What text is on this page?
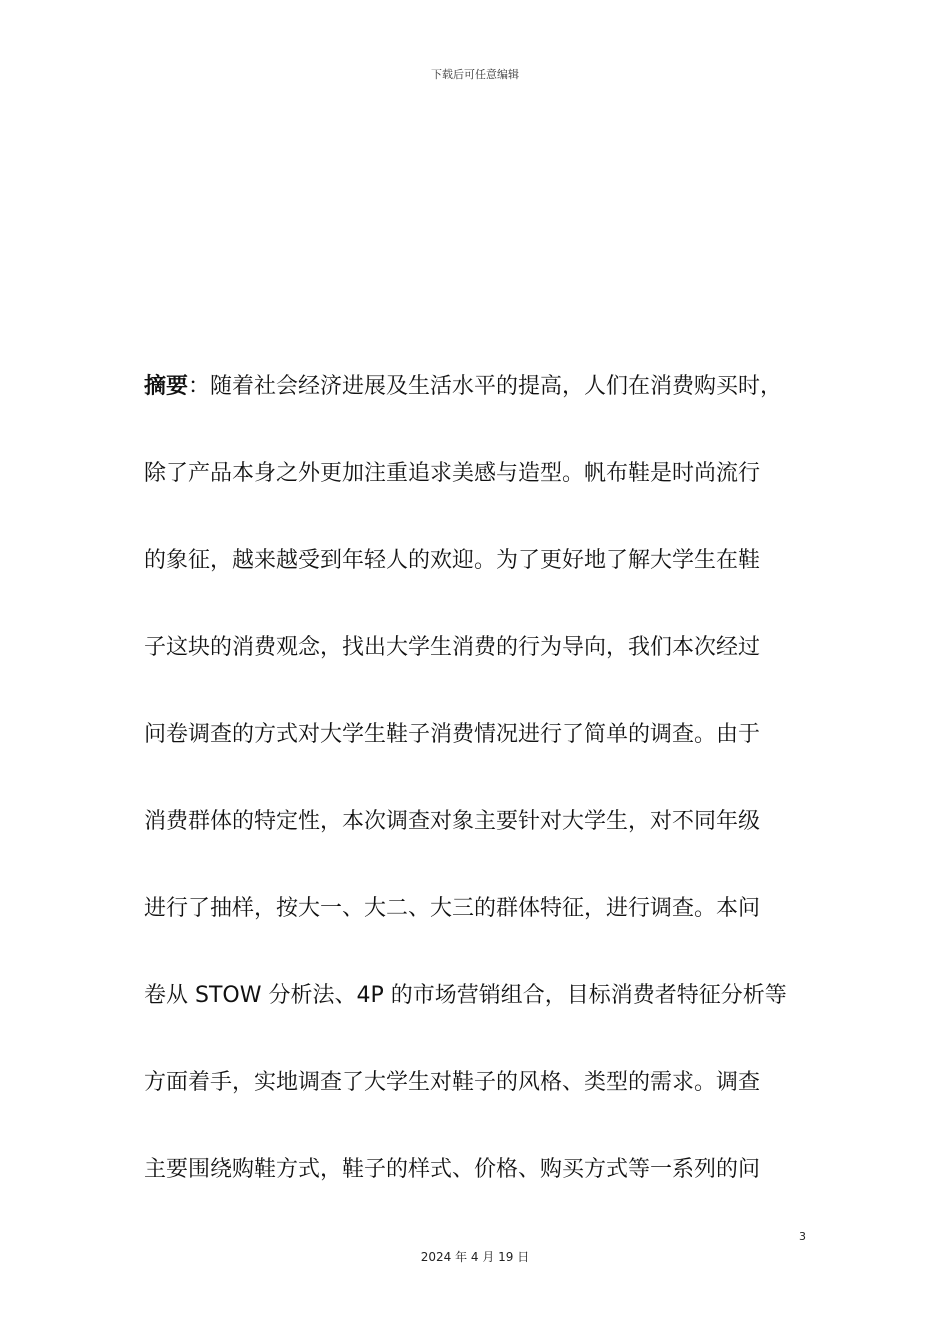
下载后可任意编辑
摘要：随着社会经济进展及生活水平的提高，人们在消费购买时，
除了产品本身之外更加注重追求美感与造型。帆布鞋是时尚流行
的象征，越来越受到年轻人的欢迎。为了更好地了解大学生在鞋
子这块的消费观念，找出大学生消费的行为导向，我们本次经过
问卷调查的方式对大学生鞋子消费情况进行了简单的调查。由于
消费群体的特定性，本次调查对象主要针对大学生，对不同年级
进行了抽样，按大一、大二、大三的群体特征，进行调查。本问
卷从 STOW 分析法、4P 的市场营销组合，目标消费者特征分析等
方面着手，实地调查了大学生对鞋子的风格、类型的需求。调查
主要围绕购鞋方式，鞋子的样式、价格、购买方式等一系列的问
3
2024 年 4 月 19 日
